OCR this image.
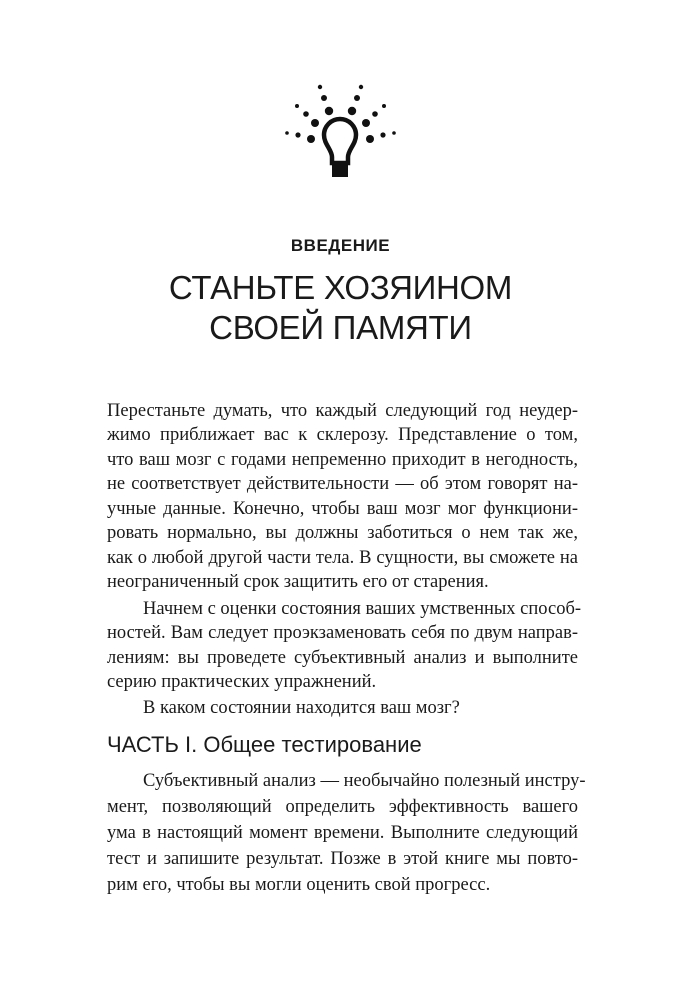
ВВЕДЕНИЕ
СТАНЬТЕ ХОЗЯИНОМ
СВОЕЙ ПАМЯТИ
Перестаньте думать, что каждый следующий год неудер-
жимо приближает вас к склерозу. Представление о том,
что ваш мозг с годами непременно приходит в негодность,
не соответствует действительности — об этом говорят на-
учные данные. Конечно, чтобы ваш мозг мог функциони-
ровать нормально, вы должны заботиться о нем так же,
как о любой другой части тела. В сущности, вы сможете на
неограниченный срок защитить его от старения.
Начнем с оценки состояния ваших умственных способ-
ностей. Вам следует проэкзаменовать себя по двум направ-
лениям: вы проведете субъективный анализ и выполните
серию практических упражнений.
В каком состоянии находится ваш мозг?
ЧАСТЬ I. Общее тестирование
Субъективный анализ — необычайно полезный инстру-
мент, позволяющий определить эффективность вашего
ума в настоящий момент времени. Выполните следующий
тест и запишите результат. Позже в этой книге мы повто-
рим его, чтобы вы могли оценить свой прогресс.
